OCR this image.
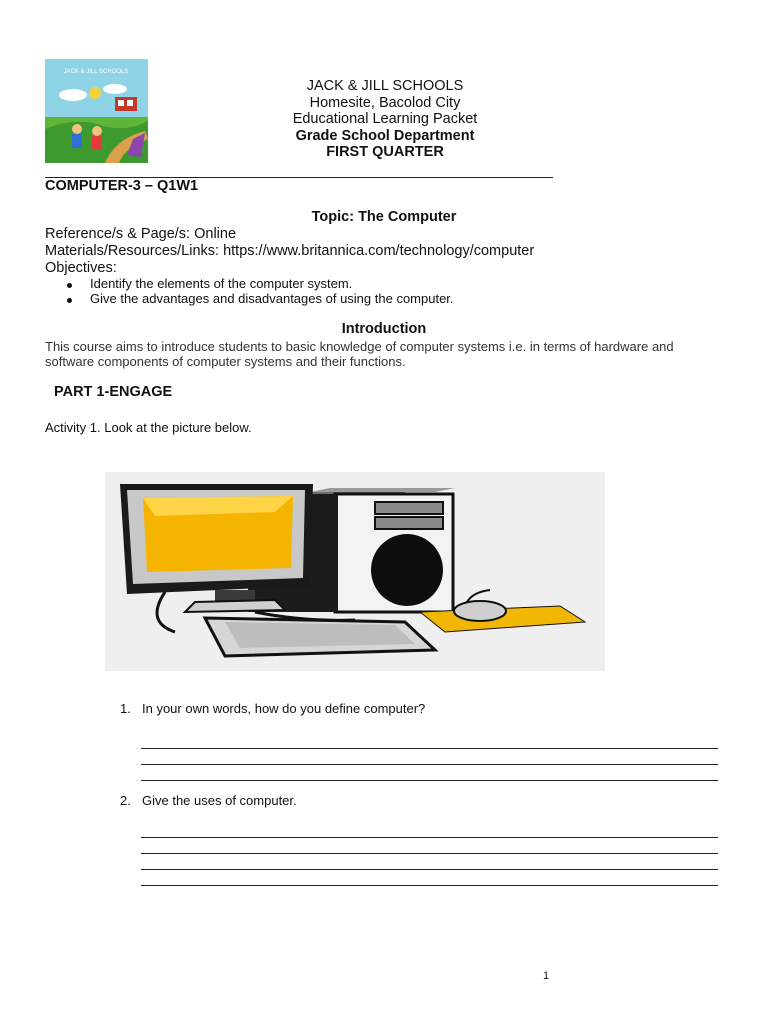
JACK & JILL SCHOOLS
JACK & JILL SCHOOLS
Homesite, Bacolod City
Educational Learning Packet
Grade School Department
FIRST QUARTER
COMPUTER-3 – Q1W1
Topic: The Computer
Reference/s & Page/s: Online
Materials/Resources/Links: https://www.britannica.com/technology/computer
Objectives:
Identify the elements of the computer system.
Give the advantages and disadvantages of using the computer.
Introduction
This course aims to introduce students to basic knowledge of computer systems i.e. in terms of hardware and software components of computer systems and their functions.
PART 1-ENGAGE
Activity 1. Look at the picture below.
1. In your own words, how do you define computer?
2. Give the uses of computer.
1
